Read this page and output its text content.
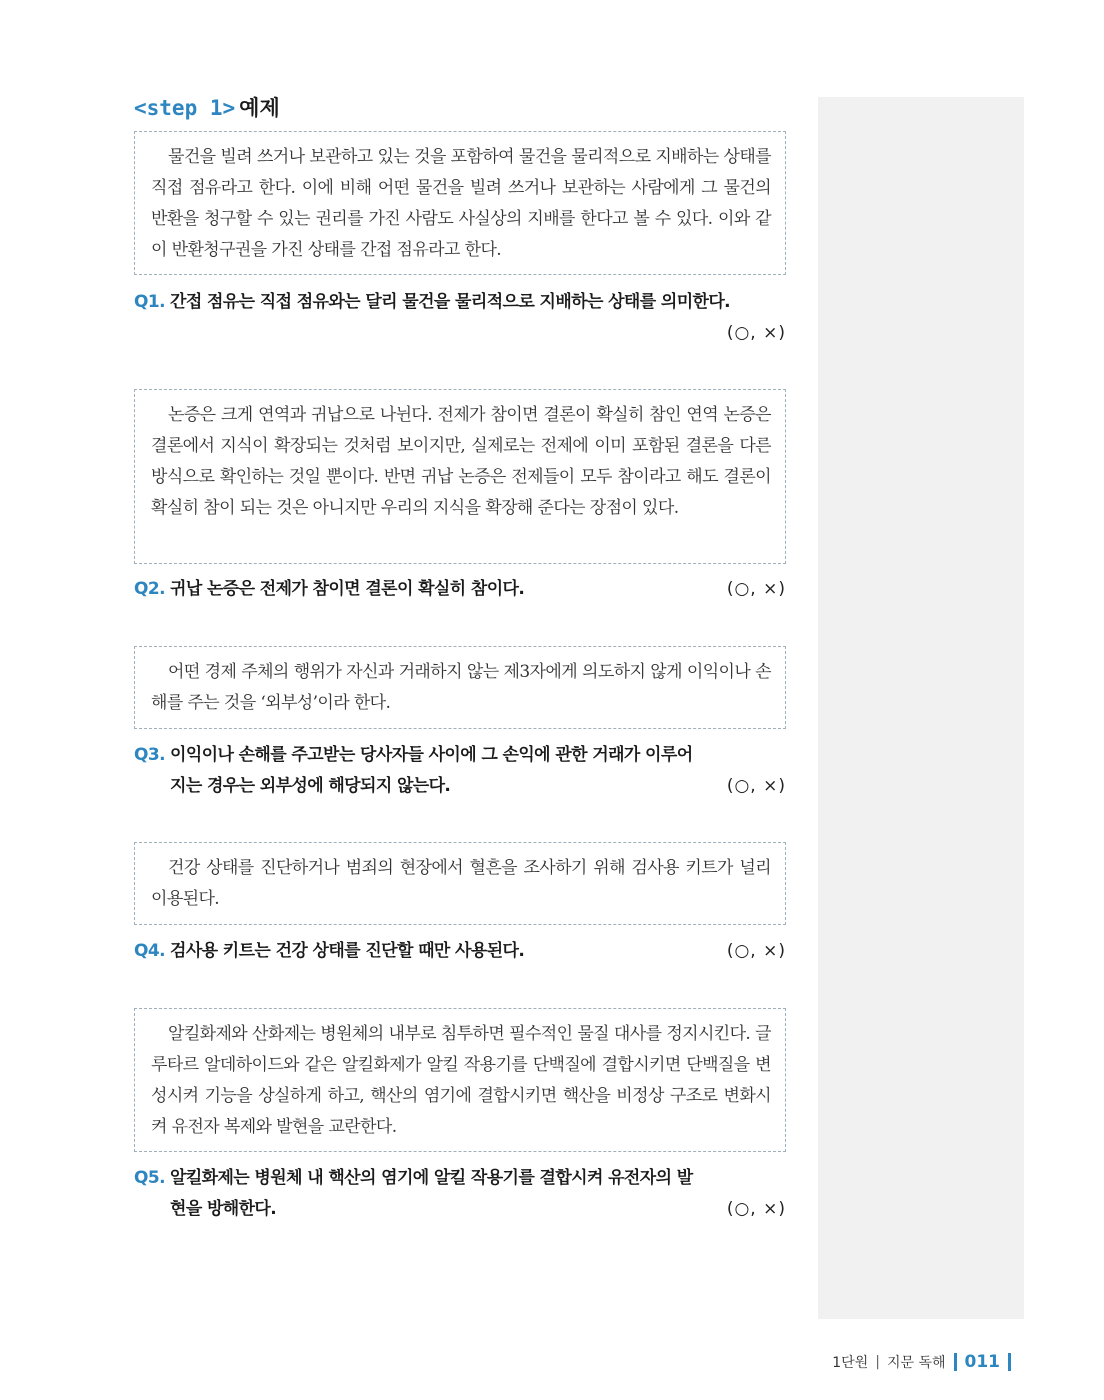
<step 1> 예제
물건을 빌려 쓰거나 보관하고 있는 것을 포함하여 물건을 물리적으로 지배하는 상태를 직접 점유라고 한다. 이에 비해 어떤 물건을 빌려 쓰거나 보관하는 사람에게 그 물건의 반환을 청구할 수 있는 권리를 가진 사람도 사실상의 지배를 한다고 볼 수 있다. 이와 같이 반환청구권을 가진 상태를 간접 점유라고 한다.
Q1. 간접 점유는 직접 점유와는 달리 물건을 물리적으로 지배하는 상태를 의미한다.
(○, ×)
논증은 크게 연역과 귀납으로 나뉜다. 전제가 참이면 결론이 확실히 참인 연역 논증은 결론에서 지식이 확장되는 것처럼 보이지만, 실제로는 전제에 이미 포함된 결론을 다른 방식으로 확인하는 것일 뿐이다. 반면 귀납 논증은 전제들이 모두 참이라고 해도 결론이 확실히 참이 되는 것은 아니지만 우리의 지식을 확장해 준다는 장점이 있다.
Q2. 귀납 논증은 전제가 참이면 결론이 확실히 참이다.	(○, ×)
어떤 경제 주체의 행위가 자신과 거래하지 않는 제3자에게 의도하지 않게 이익이나 손해를 주는 것을 ‘외부성’이라 한다.
Q3. 이익이나 손해를 주고받는 당사자들 사이에 그 손익에 관한 거래가 이루어지는 경우는 외부성에 해당되지 않는다.	(○, ×)
건강 상태를 진단하거나 범죄의 현장에서 혈흔을 조사하기 위해 검사용 키트가 널리 이용된다.
Q4. 검사용 키트는 건강 상태를 진단할 때만 사용된다.	(○, ×)
알킬화제와 산화제는 병원체의 내부로 침투하면 필수적인 물질 대사를 정지시킨다. 글루타르 알데하이드와 같은 알킬화제가 알킬 작용기를 단백질에 결합시키면 단백질을 변성시켜 기능을 상실하게 하고, 핵산의 염기에 결합시키면 핵산을 비정상 구조로 변화시켜 유전자 복제와 발현을 교란한다.
Q5. 알킬화제는 병원체 내 핵산의 염기에 알킬 작용기를 결합시켜 유전자의 발현을 방해한다.	(○, ×)
1단원 | 지문 독해 011
